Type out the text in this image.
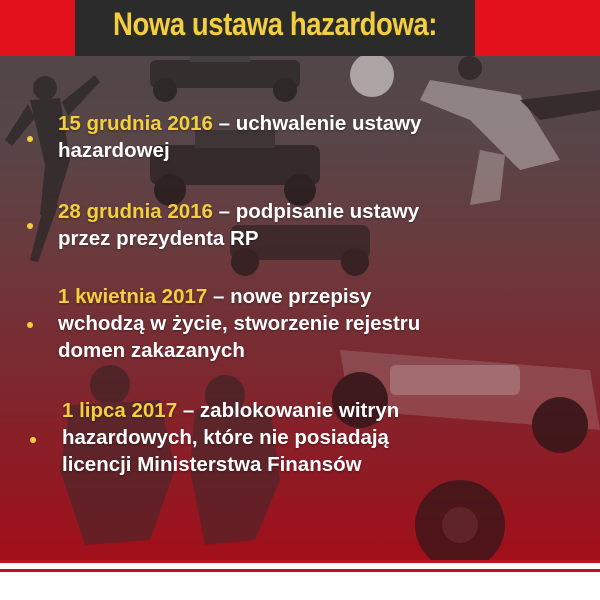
Nowa ustawa hazardowa:
15 grudnia 2016 – uchwalenie ustawy
hazardowej
28 grudnia 2016 – podpisanie ustawy
przez prezydenta RP
1 kwietnia 2017 – nowe przepisy
wchodzą w życie, stworzenie rejestru
domen zakazanych
1 lipca 2017 – zablokowanie witryn
hazardowych, które nie posiadają
licencji Ministerstwa Finansów
